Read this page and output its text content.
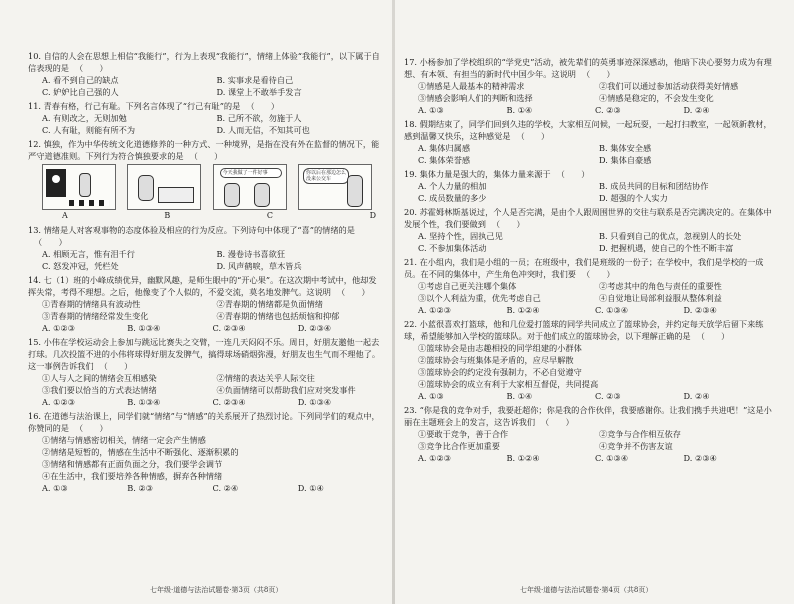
10. 自信的人会在思想上相信“我能行”，行为上表现“我能行”，情绪上体验“我能行”，以下属于自信表现的是 （　　）
A. 看不到自己的缺点	B. 实事求是看待自己
C. 妒妒比自己强的人	D. 课堂上不敢举手发言
11. 青春有格，行己有耻。下列名言体现了“行己有耻”的是 （　　）
A. 有则改之，无则加勉	B. 己所不欲，勿施于人
C. 人有耻，则能有所不为	D. 人而无信，不知其可也
12. 慎独，作为中华传统文化道德修养的一种方式、一种境界，是指在没有外在监督的情况下，能严守道德准则。下列行为符合慎独要求的是 （　　）
今天我做了一件好事	你以后在那边怎么没来公交车
A	B	C	D
13. 情绪是人对客观事物的态度体验及相应的行为反应。下列诗句中体现了“喜”的情绪的是（　　）
A. 相顾无言，惟有泪千行	B. 漫卷诗书喜欲狂
C. 怒发冲冠，凭栏处	D. 风声鹤唳，草木皆兵
14. 七（1）班的小峰成绩优异，幽默风趣，是师生眼中的“开心果”。在这次期中考试中，他却发挥失常，考得不理想。之后，他像变了个人似的，不爱交流，莫名地发脾气。这说明 （　　）
①青春期的情绪具有波动性	②青春期的情绪都是负面情绪
③青春期的情绪经常发生变化	④青春期的情绪也包括烦恼和抑郁
A. ①②③	B. ①③④	C. ②③④	D. ②③④
15. 小伟在学校运动会上参加与跳远比赛失之交臂，一连几天闷闷不乐。周日，好朋友邀他一起去打球。几次投篮不进的小伟将球得好朋友发脾气，搞得球场硝烟弥漫，好朋友也生气而不理他了。这一事例告诉我们 （　　）
①人与人之间的情绪会互相感染	②情绪的表达关乎人际交往
③我们要以恰当的方式表达情绪	④负面情绪可以帮助我们应对突发事件
A. ①②③	B. ①③④	C. ②③④	D. ①③④
16. 在道德与法治课上，同学们就“情绪”与“情感”的关系展开了热烈讨论。下列同学们的观点中，你赞同的是 （　　）
①情绪与情感密切相关，情绪一定会产生情感
②情绪是短暂的，情感在生活中不断强化、逐渐积累的
③情绪和情感都有正面负面之分，我们要学会调节
④在生活中，我们要培养各种情感，摒弃各种情绪
A. ①③	B. ②③	C. ②④	D. ①④
七年级·道德与法治试题卷·第3页（共8页）
17. 小杨参加了学校组织的“学党史”活动，被先辈们的英勇事迹深深感动，他暗下决心要努力成为有理想、有本领、有担当的新时代中国少年。这说明 （　　）
①情感是人最基本的精神需求	②我们可以通过参加活动获得美好情感
③情感会影响人们的判断和选择	④情感是稳定的，不会发生变化
A. ①③	B. ①④	C. ②③	D. ②④
18. 假期结束了，同学们回到久违的学校，大家相互问候，一起玩耍，一起打扫教室，一起领新教材，感到温馨又快乐，这种感觉是 （　　）
A. 集体归属感	B. 集体安全感
C. 集体荣誉感	D. 集体自豪感
19. 集体力量是强大的，集体力量来源于 （　　）
A. 个人力量的相加	B. 成员共同的目标和团结协作
C. 成员数量的多少	D. 超强的个人实力
20. 苏霍姆林斯基说过，个人是否完满，是由个人跟周围世界的交往与联系是否完满决定的。在集体中发展个性，我们要做到 （　　）
A. 坚持个性，固执己见	B. 只看到自己的优点，忽视别人的长处
C. 不参加集体活动	D. 把握机遇，使自己的个性不断丰富
21. 在小组内，我们是小组的一员；在班级中，我们是班级的一份子；在学校中，我们是学校的一成员。在不同的集体中，产生角色冲突时，我们要 （　　）
①考虑自己更关注哪个集体	②考虑其中的角色与责任的重要性
③以个人利益为重，优先考虑自己	④自觉地让局部利益服从整体利益
A. ①②③	B. ①②④	C. ①③④	D. ②③④
22. 小蓝很喜欢打篮球，他和几位爱打篮球的同学共同成立了篮球协会，并约定每天放学后留下来练球，希望能够加入学校的篮球队。对于他们成立的篮球协会，以下理解正确的是 （　　）
①篮球协会是由志趣相投的同学组建的小群体
②篮球协会与班集体是矛盾的，应尽早解散
③篮球协会的约定没有强制力，不必自觉遵守
④篮球协会的成立有利于大家相互督促，共同提高
A. ①③	B. ①④	C. ②③	D. ②④
23. “你是我的竞争对手，我要赶超你；你是我的合作伙伴，我要感谢你。让我们携手共进吧！”这是小丽在主题班会上的发言，这告诉我们 （　　）
①要敢于竞争，善于合作	②竞争与合作相互依存
③竞争比合作更加重要	④竞争并不伤害友谊
A. ①②③	B. ①②④	C. ①③④	D. ②③④
七年级·道德与法治试题卷·第4页（共8页）
